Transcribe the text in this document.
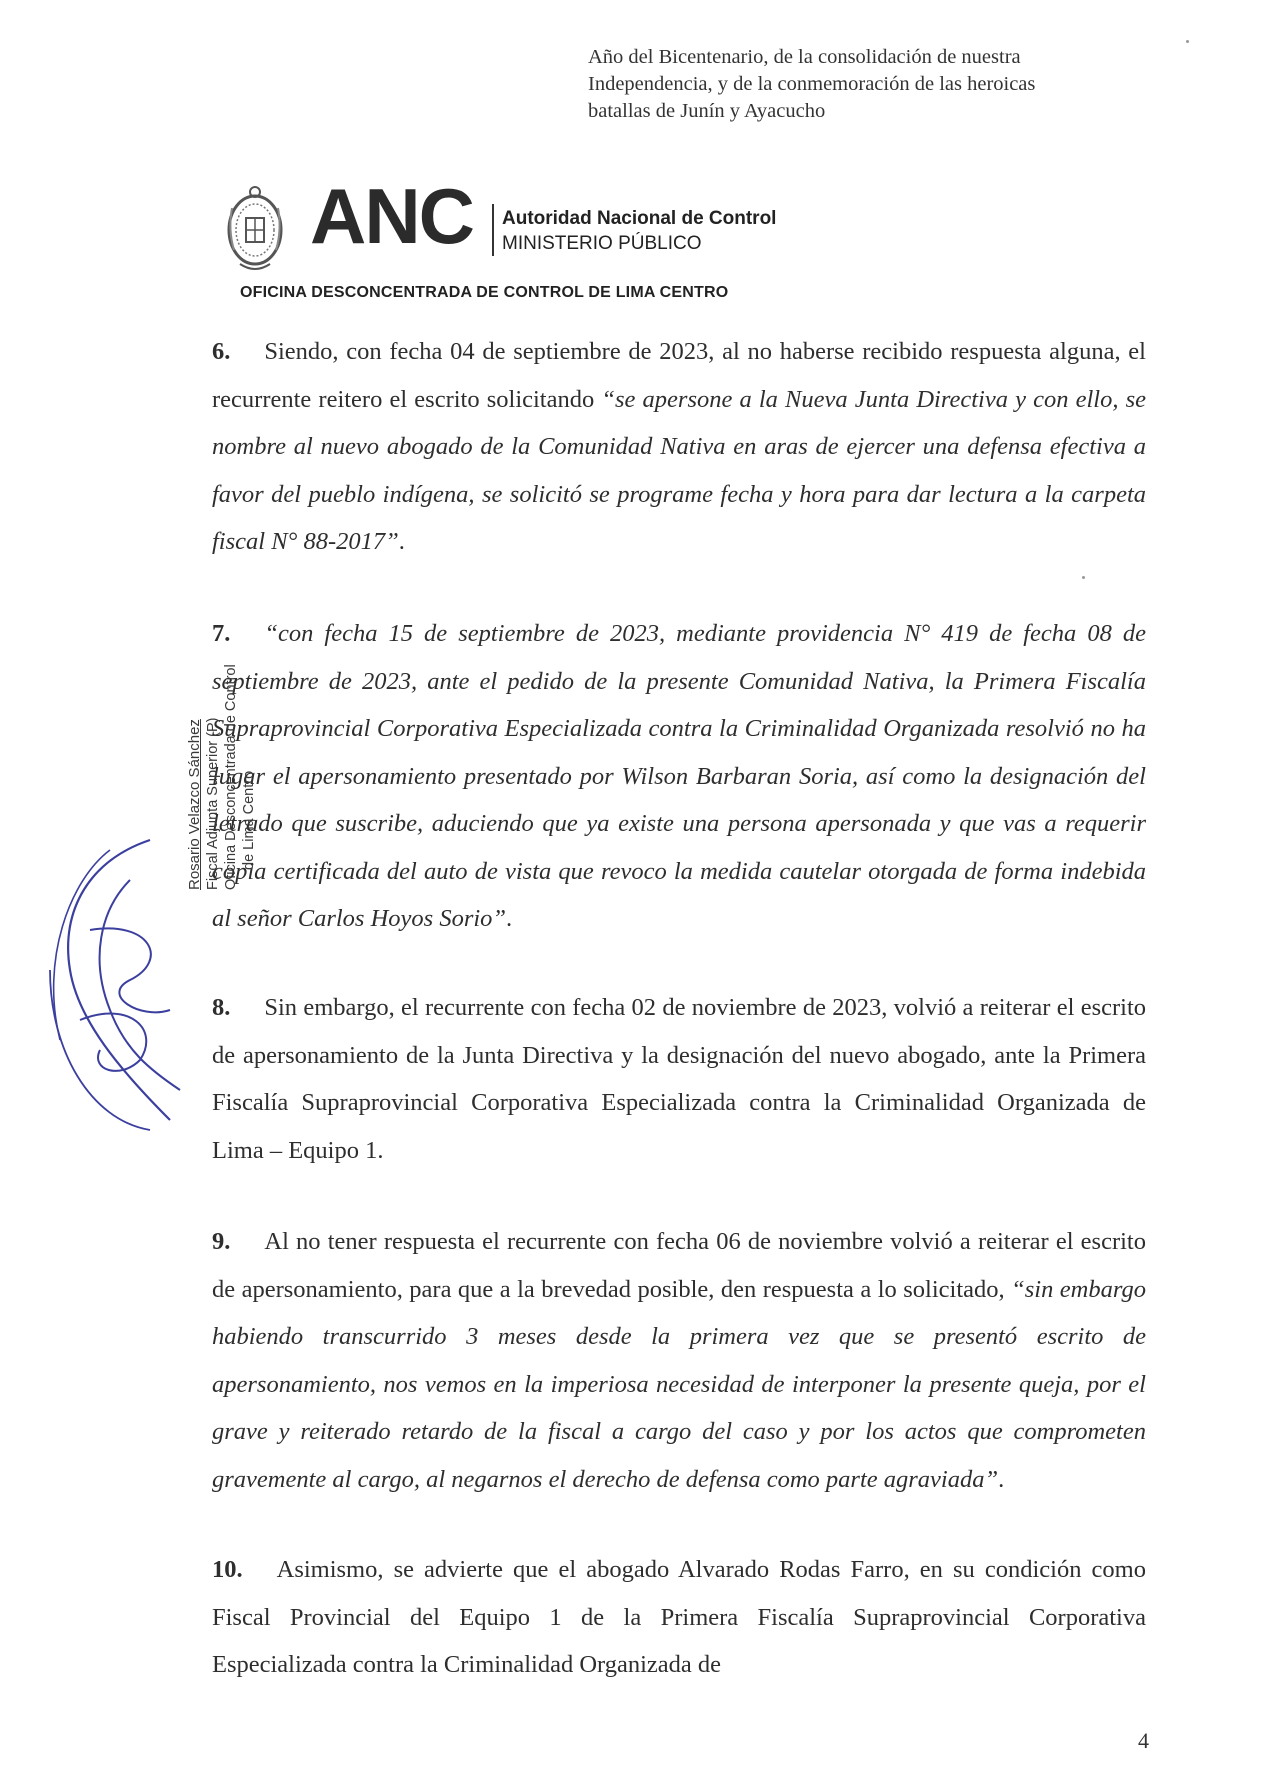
Año del Bicentenario, de la consolidación de nuestra
Independencia, y de la conmemoración de las heroicas
batallas de Junín y Ayacucho
ANC Autoridad Nacional de Control
MINISTERIO PÚBLICO
OFICINA DESCONCENTRADA DE CONTROL DE LIMA CENTRO
6. Siendo, con fecha 04 de septiembre de 2023, al no haberse recibido respuesta alguna, el recurrente reitero el escrito solicitando “se apersone a la Nueva Junta Directiva y con ello, se nombre al nuevo abogado de la Comunidad Nativa en aras de ejercer una defensa efectiva a favor del pueblo indígena, se solicitó se programe fecha y hora para dar lectura a la carpeta fiscal N° 88-2017”.
7. “con fecha 15 de septiembre de 2023, mediante providencia N° 419 de fecha 08 de septiembre de 2023, ante el pedido de la presente Comunidad Nativa, la Primera Fiscalía Supraprovincial Corporativa Especializada contra la Criminalidad Organizada resolvió no ha lugar el apersonamiento presentado por Wilson Barbaran Soria, así como la designación del letrado que suscribe, aduciendo que ya existe una persona apersonada y que vas a requerir copia certificada del auto de vista que revoco la medida cautelar otorgada de forma indebida al señor Carlos Hoyos Sorio”.
8. Sin embargo, el recurrente con fecha 02 de noviembre de 2023, volvió a reiterar el escrito de apersonamiento de la Junta Directiva y la designación del nuevo abogado, ante la Primera Fiscalía Supraprovincial Corporativa Especializada contra la Criminalidad Organizada de Lima – Equipo 1.
9. Al no tener respuesta el recurrente con fecha 06 de noviembre volvió a reiterar el escrito de apersonamiento, para que a la brevedad posible, den respuesta a lo solicitado, “sin embargo habiendo transcurrido 3 meses desde la primera vez que se presentó escrito de apersonamiento, nos vemos en la imperiosa necesidad de interponer la presente queja, por el grave y reiterado retardo de la fiscal a cargo del caso y por los actos que comprometen gravemente al cargo, al negarnos el derecho de defensa como parte agraviada”.
10. Asimismo, se advierte que el abogado Alvarado Rodas Farro, en su condición como Fiscal Provincial del Equipo 1 de la Primera Fiscalía Supraprovincial Corporativa Especializada contra la Criminalidad Organizada de
Rosario Velazco Sánchez Fiscal Adjunta Superior (P) Oficina Desconcentrada de Control de Lima Centro
4
